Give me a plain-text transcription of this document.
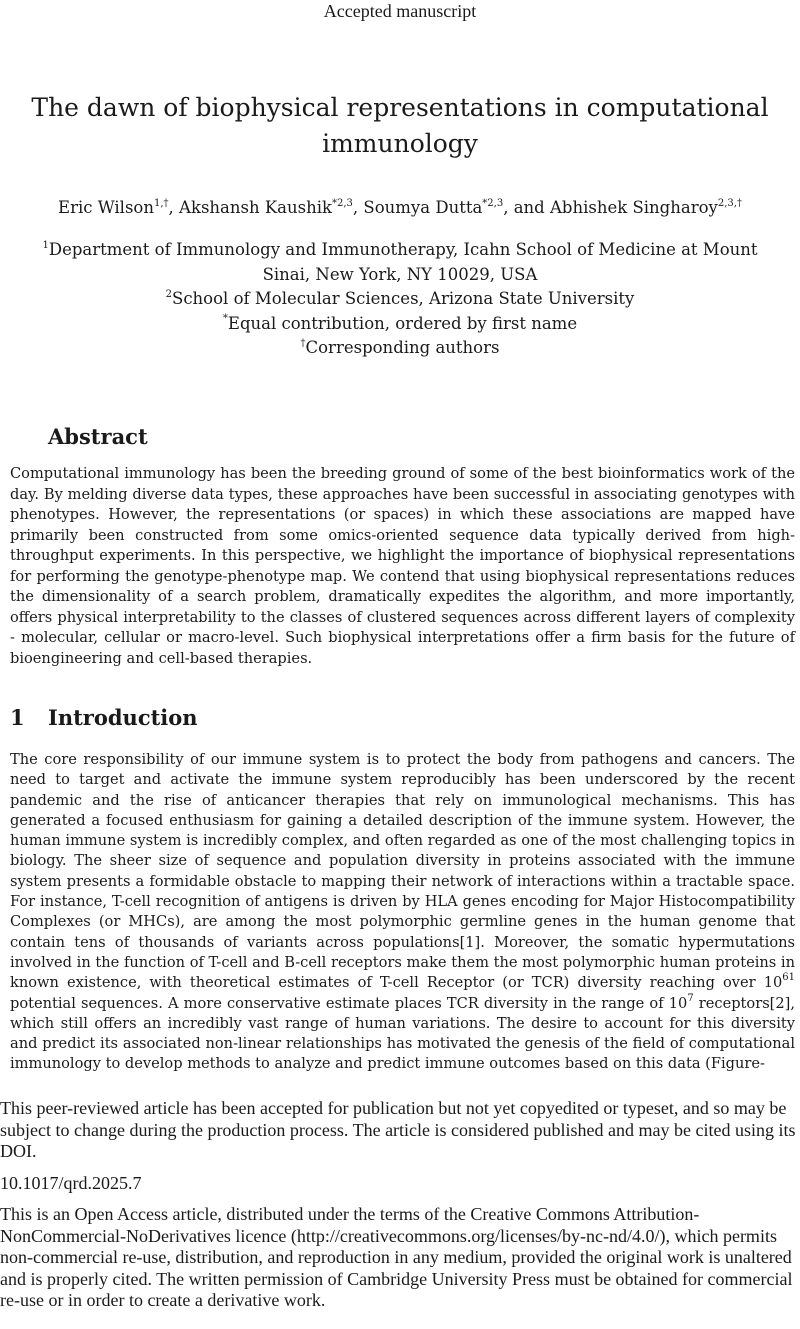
Accepted manuscript
The dawn of biophysical representations in computational immunology
Eric Wilson$^{1,\dagger}$, Akshansh Kaushik$^{*2,3}$, Soumya Dutta$^{*2,3}$, and Abhishek Singharoy$^{2,3,\dagger}$
$^1$Department of Immunology and Immunotherapy, Icahn School of Medicine at Mount
Sinai, New York, NY 10029, USA
$^2$School of Molecular Sciences, Arizona State University
*Equal contribution, ordered by first name
†Corresponding authors
Abstract

Computational immunology has been the breeding ground of some of the best bioinformatics work of the day. By melding diverse data types, these approaches have been successful in associating genotypes with phenotypes. However, the representations (or spaces) in which these associations are mapped have primarily been constructed from some omics-oriented sequence data typically derived from high-throughput experiments. In this perspective, we highlight the importance of biophysical representations for performing the genotype-phenotype map. We contend that using biophysical representations reduces the dimensionality of a search problem, dramatically expedites the algorithm, and more importantly, offers physical interpretability to the classes of clustered sequences across different layers of complexity - molecular, cellular or macro-level. Such biophysical interpretations offer a firm basis for the future of bioengineering and cell-based therapies.

1 Introduction

The core responsibility of our immune system is to protect the body from pathogens and cancers. The need to target and activate the immune system reproducibly has been underscored by the recent pandemic and the rise of anticancer therapies that rely on immunological mechanisms. This has generated a focused enthusiasm for gaining a detailed description of the immune system. However, the human immune system is incredibly complex, and often regarded as one of the most challenging topics in biology. The sheer size of sequence and population diversity in proteins associated with the immune system presents a formidable obstacle to mapping their network of interactions within a tractable space. For instance, T-cell recognition of antigens is driven by HLA genes encoding for Major Histocompatibility Complexes (or MHCs), are among the most polymorphic germline genes in the human genome that contain tens of thousands of variants across populations[1]. Moreover, the somatic hypermutations involved in the function of T-cell and B-cell receptors make them the most polymorphic human proteins in known existence, with theoretical estimates of T-cell Receptor (or TCR) diversity reaching over $10^{61}$ potential sequences. A more conservative estimate places TCR diversity in the range of $10^7$ receptors[2], which still offers an incredibly vast range of human variations. The desire to account for this diversity and predict its associated non-linear relationships has motivated the genesis of the field of computational immunology to develop methods to analyze and predict immune outcomes based on this data (Figure-

This peer-reviewed article has been accepted for publication but not yet copyedited or typeset, and so may be subject to change during the production process. The article is considered published and may be cited using its DOI.

10.1017/qrd.2025.7

This is an Open Access article, distributed under the terms of the Creative Commons Attribution-NonCommercial-NoDerivatives licence (http://creativecommons.org/licenses/by-nc-nd/4.0/), which permits non-commercial re-use, distribution, and reproduction in any medium, provided the original work is unaltered and is properly cited. The written permission of Cambridge University Press must be obtained for commercial re-use or in order to create a derivative work.
